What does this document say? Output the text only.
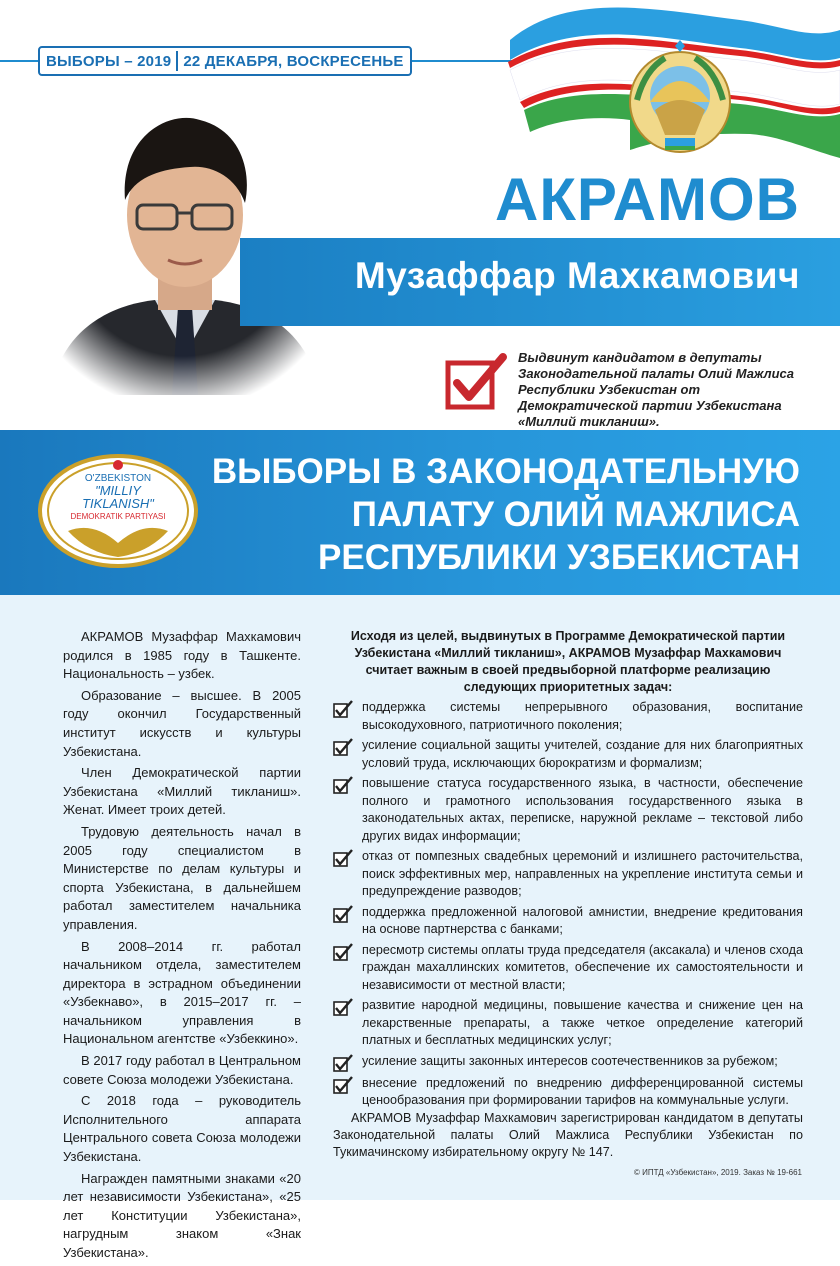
ВЫБОРЫ – 2019 22 ДЕКАБРЯ, ВОСКРЕСЕНЬЕ
АКРАМОВ
Музаффар Махкамович
Выдвинут кандидатом в депутаты Законодательной палаты Олий Мажлиса Республики Узбекистан от Демократической партии Узбекистана «Миллий тикланиш».
ВЫБОРЫ В ЗАКОНОДАТЕЛЬНУЮ
ПАЛАТУ ОЛИЙ МАЖЛИСА
РЕСПУБЛИКИ УЗБЕКИСТАН
O'ZBEKISTON
"MILLIY
TIKLANISH"
DEMOKRATIK PARTIYASI

АКРАМОВ Музаффар Махкамович родился в 1985 году в Ташкенте. Национальность – узбек.

Образование – высшее. В 2005 году окончил Государственный институт искусств и культуры Узбекистана.

Член Демократической партии Узбекистана «Миллий тикланиш». Женат. Имеет троих детей.

Трудовую деятельность начал в 2005 году специалистом в Министерстве по делам культуры и спорта Узбекистана, в дальнейшем работал заместителем начальника управления.

В 2008–2014 гг. работал начальником отдела, заместителем директора в эстрадном объединении «Узбекнаво», в 2015–2017 гг. – начальником управления в Национальном агентстве «Узбеккино».

В 2017 году работал в Центральном совете Союза молодежи Узбекистана.

С 2018 года – руководитель Исполнительного аппарата Центрального совета Союза молодежи Узбекистана.

Награжден памятными знаками «20 лет независимости Узбекистана», «25 лет Конституции Узбекистана», нагрудным знаком «Знак Узбекистана».

Исходя из целей, выдвинутых в Программе Демократической партии Узбекистана «Миллий тикланиш», АКРАМОВ Музаффар Махкамович считает важным в своей предвыборной платформе реализацию следующих приоритетных задач:
поддержка системы непрерывного образования, воспитание высокодуховного, патриотичного поколения;
усиление социальной защиты учителей, создание для них благоприятных условий труда, исключающих бюрократизм и формализм;
повышение статуса государственного языка, в частности, обеспечение полного и грамотного использования государственного языка в законодательных актах, переписке, наружной рекламе – текстовой либо других видах информации;
отказ от помпезных свадебных церемоний и излишнего расточительства, поиск эффективных мер, направленных на укрепление института семьи и предупреждение разводов;
поддержка предложенной налоговой амнистии, внедрение кредитования на основе партнерства с банками;
пересмотр системы оплаты труда председателя (аксакала) и членов схода граждан махаллинских комитетов, обеспечение их самостоятельности и независимости от местной власти;
развитие народной медицины, повышение качества и снижение цен на лекарственные препараты, а также четкое определение категорий платных и бесплатных медицинских услуг;
усиление защиты законных интересов соотечественников за рубежом;
внесение предложений по внедрению дифференцированной системы ценообразования при формировании тарифов на коммунальные услуги.
АКРАМОВ Музаффар Махкамович зарегистрирован кандидатом в депутаты Законодательной палаты Олий Мажлиса Республики Узбекистан по Тукимачинскому избирательному округу № 147.
© ИПТД «Узбекистан», 2019. Заказ № 19-661
